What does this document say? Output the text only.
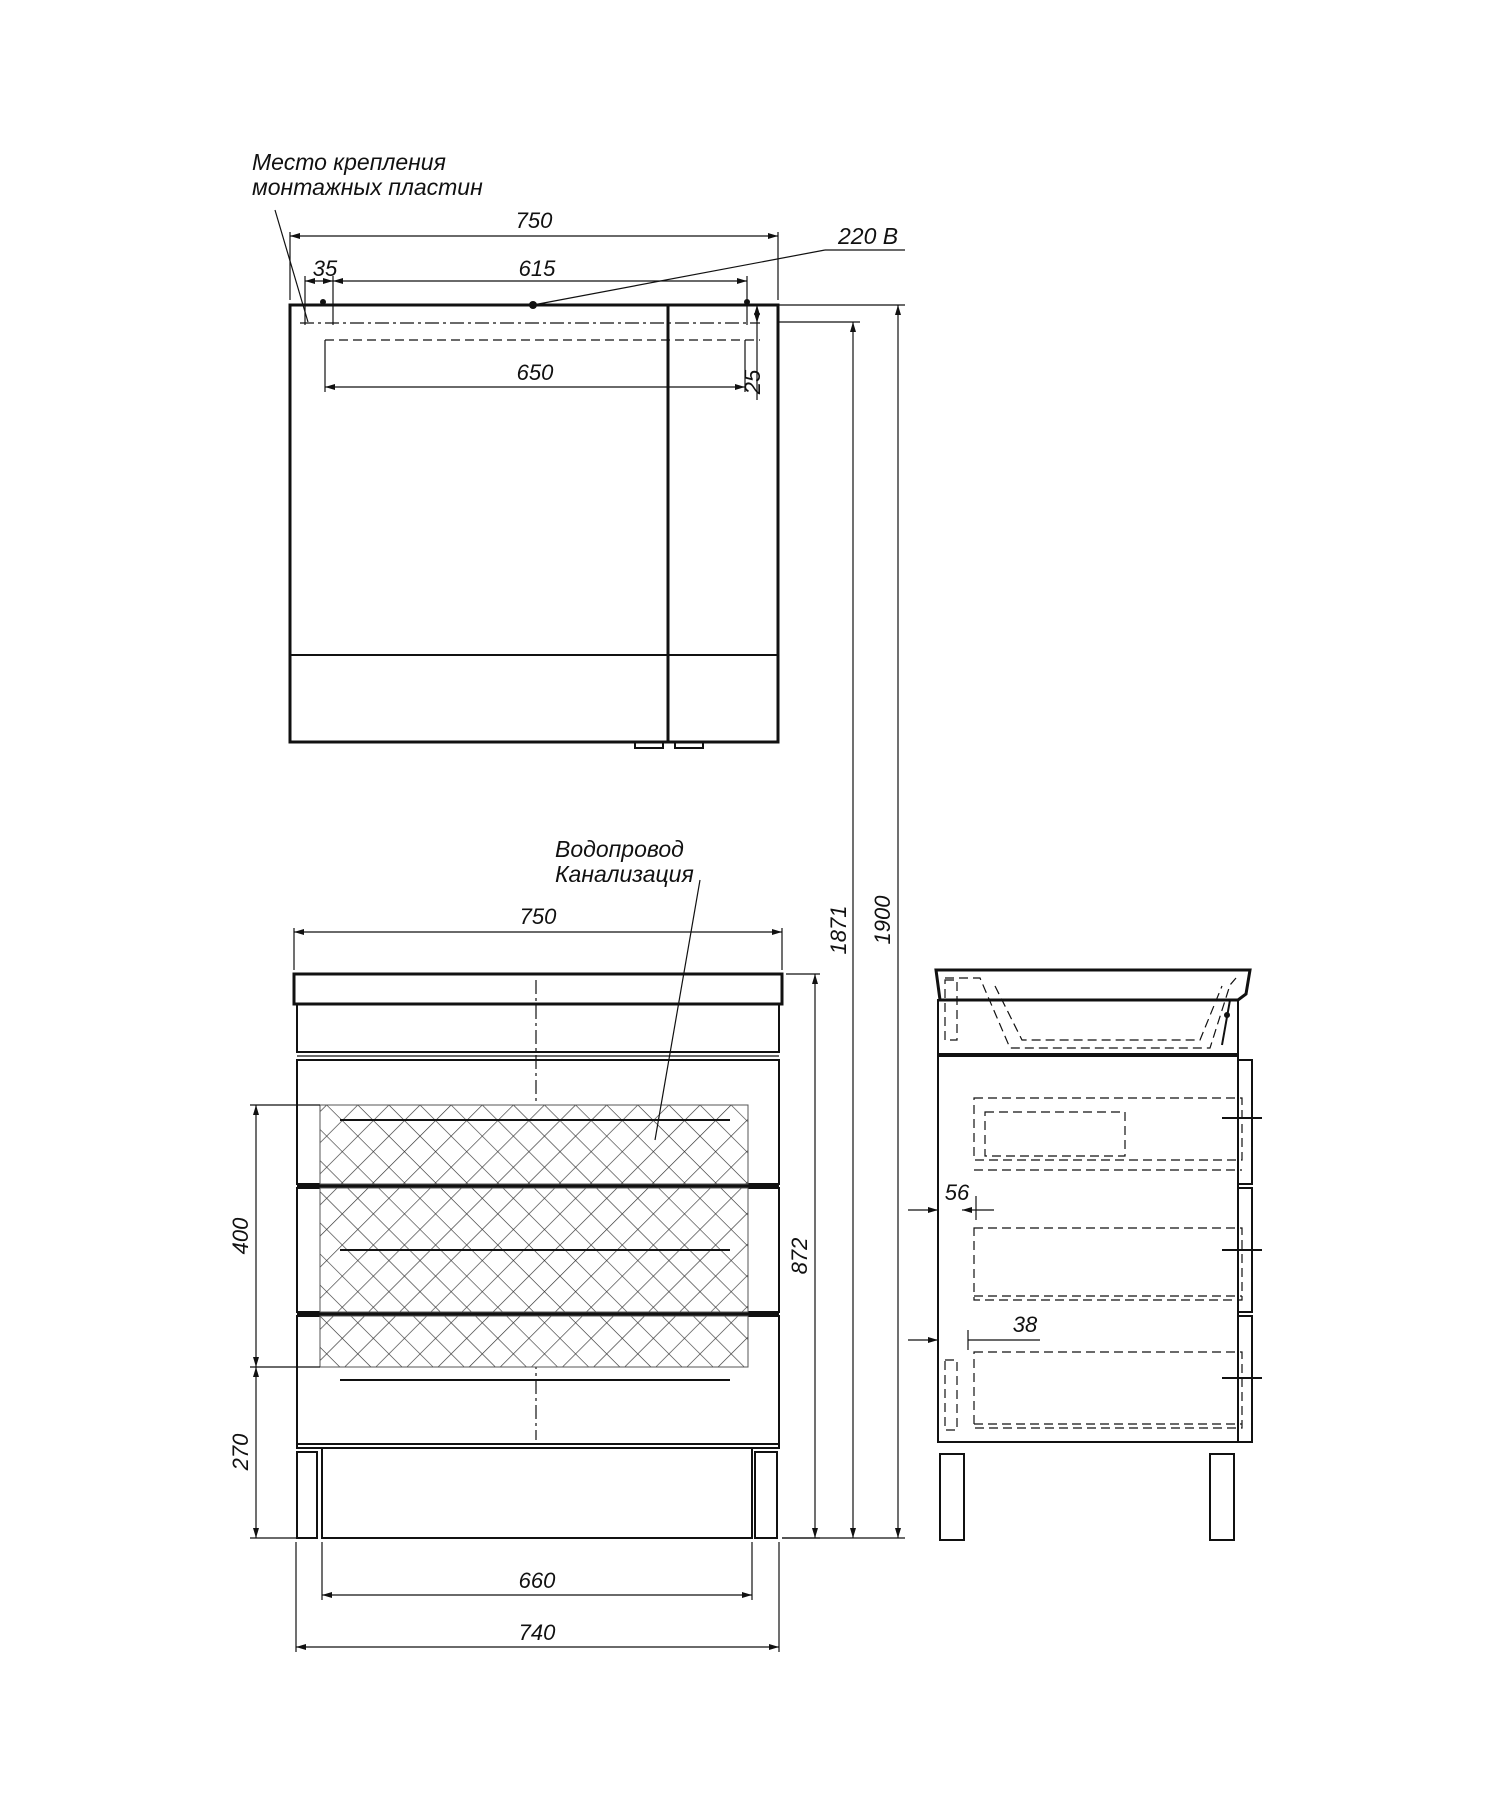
750
35	615
650	25
Место крепления
монтажных пластин
220 В
750
400
270
872
660
740
Водопровод
Канализация
1871 1900
56
38
